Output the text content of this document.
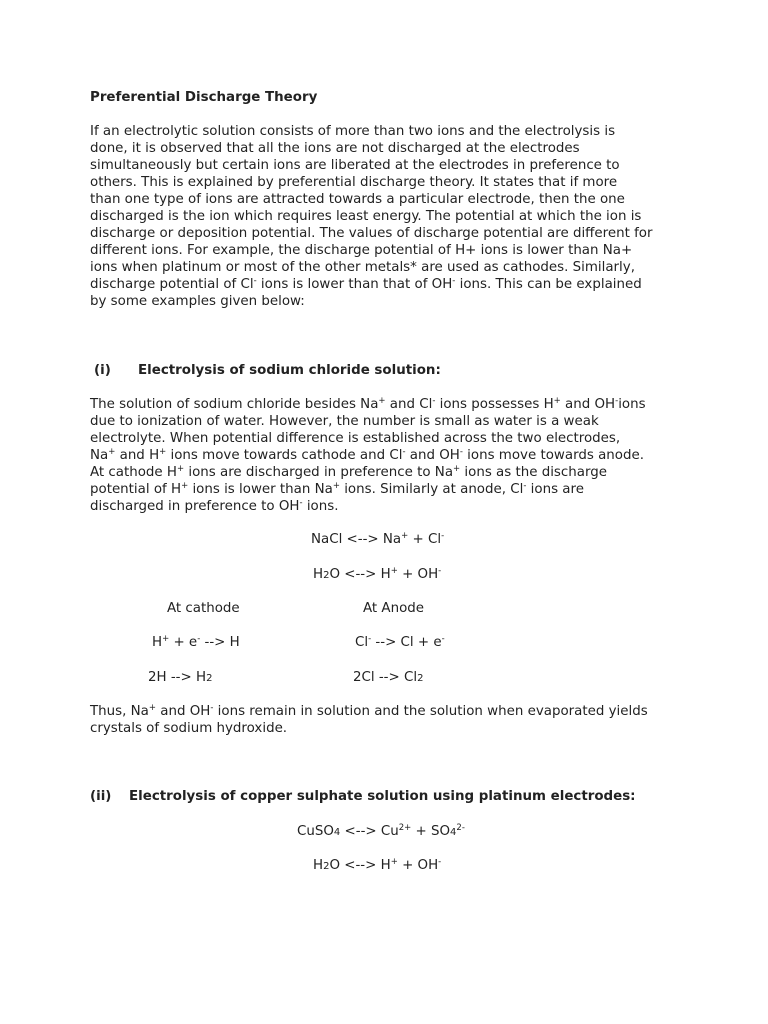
Preferential Discharge Theory
If an electrolytic solution consists of more than two ions and the electrolysis is
done, it is observed that all the ions are not discharged at the electrodes
simultaneously but certain ions are liberated at the electrodes in preference to
others. This is explained by preferential discharge theory. It states that if more
than one type of ions are attracted towards a particular electrode, then the one
discharged is the ion which requires least energy. The potential at which the ion is
discharge or deposition potential. The values of discharge potential are different for
different ions. For example, the discharge potential of H+ ions is lower than Na+
ions when platinum or most of the other metals* are used as cathodes. Similarly,
discharge potential of Cl- ions is lower than that of OH- ions. This can be explained
by some examples given below:
(i) Electrolysis of sodium chloride solution:
The solution of sodium chloride besides Na+ and Cl- ions possesses H+ and OH-ions
due to ionization of water. However, the number is small as water is a weak
electrolyte. When potential difference is established across the two electrodes,
Na+ and H+ ions move towards cathode and Cl- and OH- ions move towards anode.
At cathode H+ ions are discharged in preference to Na+ ions as the discharge
potential of H+ ions is lower than Na+ ions. Similarly at anode, Cl- ions are
discharged in preference to OH- ions.
NaCl <--> Na+ + Cl-
H2O <--> H+ + OH-
At cathode	At Anode
H+ + e- --> H	Cl- --> Cl + e-
2H --> H2	2Cl --> Cl2
Thus, Na+ and OH- ions remain in solution and the solution when evaporated yields
crystals of sodium hydroxide.
(ii) Electrolysis of copper sulphate solution using platinum electrodes:
CuSO4 <--> $Cu^{2+} + SO4^{2-}$
H2O <--> H+ + OH-
